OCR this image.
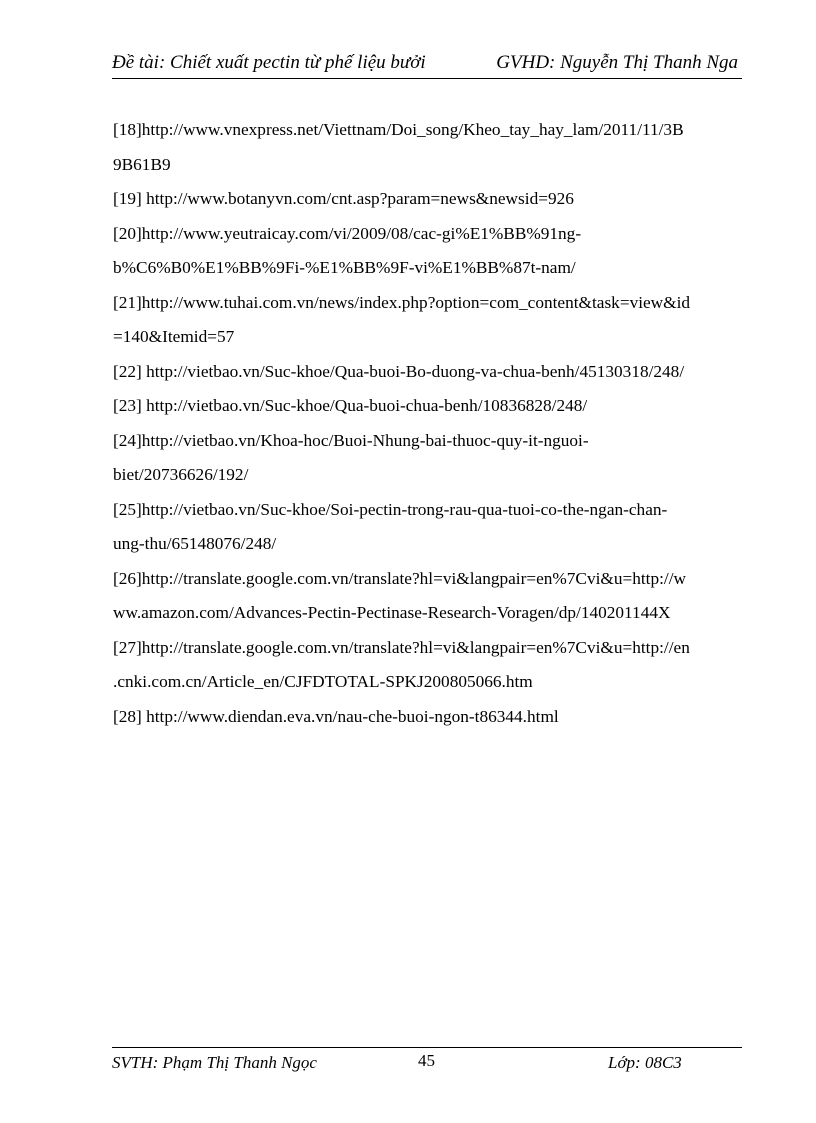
Đề tài: Chiết xuất pectin từ phế liệu bưởi	GVHD: Nguyễn Thị Thanh Nga
[18]http://www.vnexpress.net/Viettnam/Doi_song/Kheo_tay_hay_lam/2011/11/3B
9B61B9
[19] http://www.botanyvn.com/cnt.asp?param=news&newsid=926
[20]http://www.yeutraicay.com/vi/2009/08/cac-gi%E1%BB%91ng-
b%C6%B0%E1%BB%9Fi-%E1%BB%9F-vi%E1%BB%87t-nam/
[21]http://www.tuhai.com.vn/news/index.php?option=com_content&task=view&id
=140&Itemid=57
[22] http://vietbao.vn/Suc-khoe/Qua-buoi-Bo-duong-va-chua-benh/45130318/248/
[23] http://vietbao.vn/Suc-khoe/Qua-buoi-chua-benh/10836828/248/
[24]http://vietbao.vn/Khoa-hoc/Buoi-Nhung-bai-thuoc-quy-it-nguoi-
biet/20736626/192/
[25]http://vietbao.vn/Suc-khoe/Soi-pectin-trong-rau-qua-tuoi-co-the-ngan-chan-
ung-thu/65148076/248/
[26]http://translate.google.com.vn/translate?hl=vi&langpair=en%7Cvi&u=http://w
ww.amazon.com/Advances-Pectin-Pectinase-Research-Voragen/dp/140201144X
[27]http://translate.google.com.vn/translate?hl=vi&langpair=en%7Cvi&u=http://en
.cnki.com.cn/Article_en/CJFDTOTAL-SPKJ200805066.htm
[28] http://www.diendan.eva.vn/nau-che-buoi-ngon-t86344.html
SVTH: Phạm Thị Thanh Ngọc	45	Lớp: 08C3
